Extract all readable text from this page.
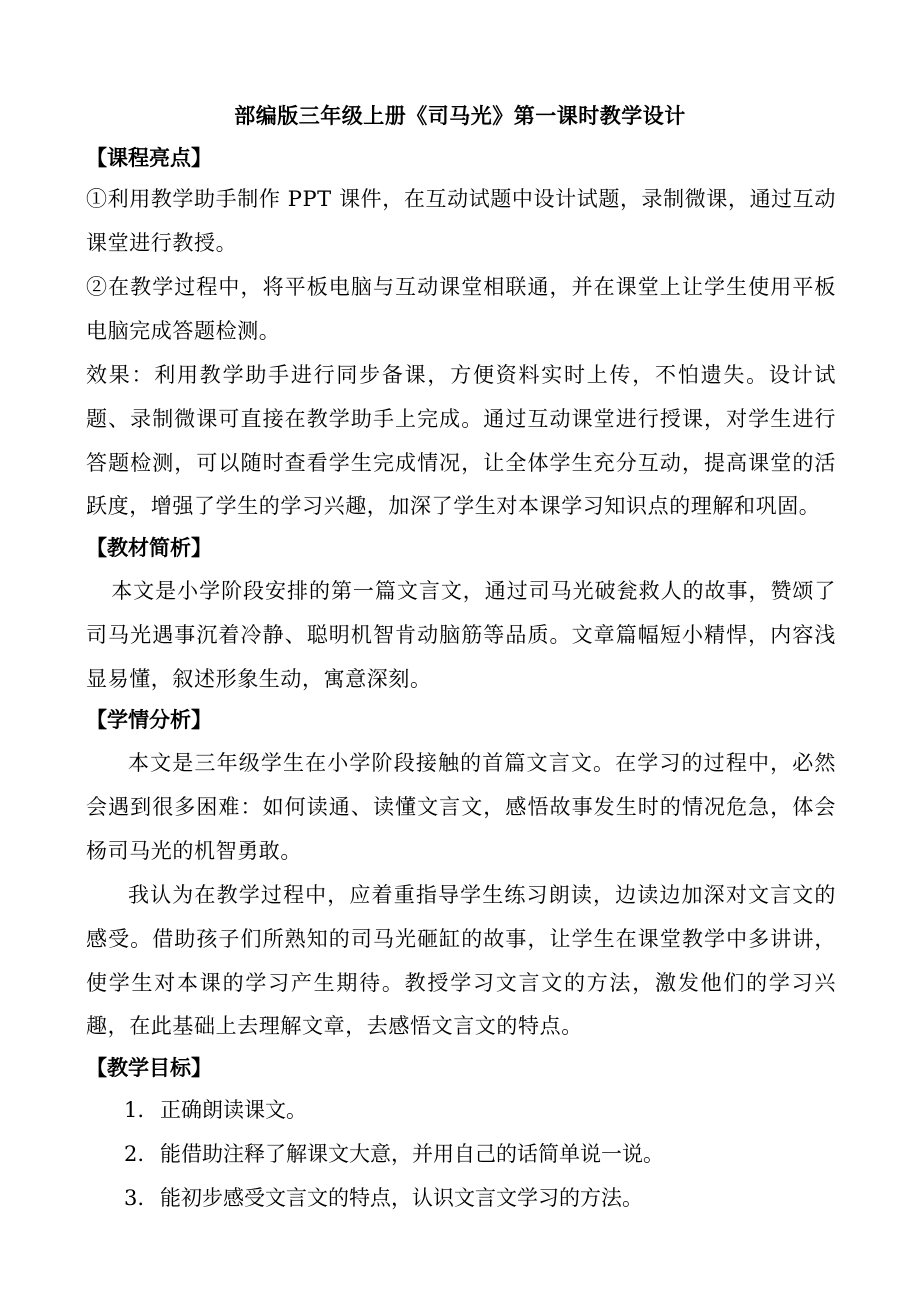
部编版三年级上册《司马光》第一课时教学设计
【课程亮点】

①利用教学助手制作 PPT 课件，在互动试题中设计试题，录制微课，通过互动课堂进行教授。

②在教学过程中，将平板电脑与互动课堂相联通，并在课堂上让学生使用平板电脑完成答题检测。

效果：利用教学助手进行同步备课，方便资料实时上传，不怕遗失。设计试题、录制微课可直接在教学助手上完成。通过互动课堂进行授课，对学生进行答题检测，可以随时查看学生完成情况，让全体学生充分互动，提高课堂的活跃度，增强了学生的学习兴趣，加深了学生对本课学习知识点的理解和巩固。

【教材简析】

本文是小学阶段安排的第一篇文言文，通过司马光破瓮救人的故事，赞颂了司马光遇事沉着冷静、聪明机智肯动脑筋等品质。文章篇幅短小精悍，内容浅显易懂，叙述形象生动，寓意深刻。

【学情分析】

本文是三年级学生在小学阶段接触的首篇文言文。在学习的过程中，必然会遇到很多困难：如何读通、读懂文言文，感悟故事发生时的情况危急，体会杨司马光的机智勇敢。

我认为在教学过程中，应着重指导学生练习朗读，边读边加深对文言文的感受。借助孩子们所熟知的司马光砸缸的故事，让学生在课堂教学中多讲讲，使学生对本课的学习产生期待。教授学习文言文的方法，激发他们的学习兴趣，在此基础上去理解文章，去感悟文言文的特点。

【教学目标】
1. 正确朗读课文。
2. 能借助注释了解课文大意，并用自己的话简单说一说。
3. 能初步感受文言文的特点，认识文言文学习的方法。
